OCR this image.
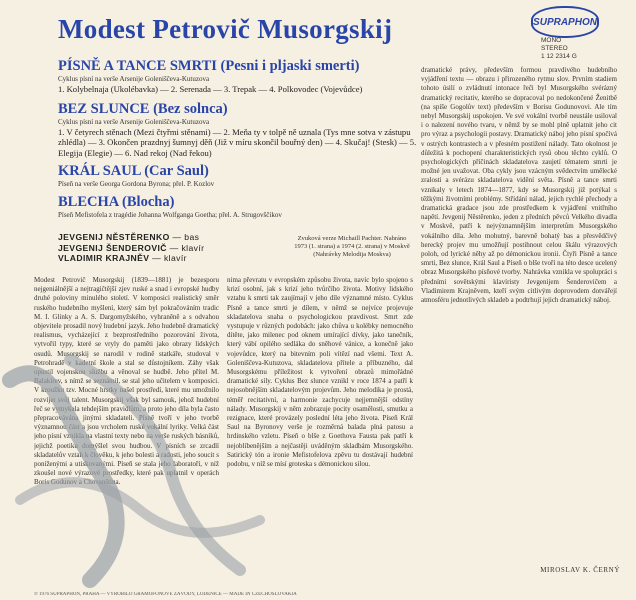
Modest Petrovič Musorgskij	SUPRAPHON
MONO
STEREO
1 12 2314 G
PÍSNĚ A TANCE SMRTI (Pesni i pljaski smerti)
Cyklus písní na verše Arsenije Goleniščeva-Kutuzova
1. Kolybelnaja (Ukolébavka) — 2. Serenada — 3. Trepak — 4. Polkovodec (Vojevůdce)
BEZ SLUNCE (Bez solnca)
Cyklus písní na verše Arsenije Goleniščeva-Kutuzova
1. V četyrech stěnach (Mezi čtyřmi stěnami) — 2. Meňa ty v tolpě ně uznala (Tys mne sotva v zástupu zhlédla) — 3. Okončen prazdnyj šumnyj děň (Již v míru skončil bouřný den) — 4. Skučaj! (Stesk) — 5. Elegija (Elegie) — 6. Nad rekoj (Nad řekou)
KRÁL SAUL (Car Saul)
Píseň na verše Georga Gordona Byrona; přel. P. Kozlov
BLECHA (Blocha)
Píseň Mefistofela z tragédie Johanna Wolfganga Goetha; přel. A. Strugovščikov
JEVGENIJ NĚSTĚRENKO — bas
JEVGENIJ ŠENDEROVIČ — klavír
VLADIMIR KRAJNĚV — klavír
Zvuková verze Michaill Pachter. Nahráno 1973 (1. strana) a 1974 (2. strana) v Moskvě (Nahrávky Melodija Moskva)
Modest Petrovič Musorgskij (1839—1881) je bezesporu nejgeniálnější a nejtragičtější zjev ruské a snad i evropské hudby druhé poloviny minulého století. V komposici realistický směr ruského hudebního myšlení, který sám byl pokračováním tradic M. I. Glinky a A. S. Dargomyžského, vyhraněně a s odvahou objevitele prosadil nový hudební jazyk. Jeho hudebně dramatický realismus, vycházející z bezprostředního pozorování života, vytvořil typy, které se vryly do paměti jako obrazy lidských osudů. Musorgskij se narodil v rodině statkáře, studoval v Petrohradě v kadetní škole a stal se důstojníkem. Záhy však opustil vojenskou službu a věnoval se hudbě. Jeho přítel M. Balakirev, s nímž se seznámil, se stal jeho učitelem v komposici. V kroužku tzv. Mocné hrstky našel prostředí, které mu umožnilo rozvíjet svůj talent. Musorgskij však byl samouk, jehož hudební řeč se vymykala tehdejším pravidlům, a proto jeho díla byla často přepracovávána jinými skladateli. Písně tvoří v jeho tvorbě významnou část a jsou vrcholem ruské vokální lyriky. Velká část jeho písní vznikla na vlastní texty nebo na verše ruských básníků, jejichž poetiku domýšlel svou hudbou. V písních se zrcadlí skladatelův vztah k člověku, k jeho bolesti a radosti, jeho soucit s poníženými a utiskovanými. Píseň se stala jeho laboratoří, v níž zkoušel nové výrazové prostředky, které pak uplatnil v operách Boris Godunov a Chovanština.
nima převratu v evropském způsobu života, navíc bylo spojeno s krizí osobní, jak s krizí jeho tvůrčího života. Motivy lidského vztahu k smrti tak zaujímají v jeho díle významné místo. Cyklus Písně a tance smrti je dílem, v němž se nejvíce projevuje skladatelova snaha o psychologickou pravdivost. Smrt zde vystupuje v různých podobách: jako chůva u kolébky nemocného dítěte, jako milenec pod oknem umírající dívky, jako tanečník, který vábí opilého sedláka do sněhové vánice, a konečně jako vojevůdce, který na bitevním poli vítězí nad všemi. Text A. Goleniščeva-Kutuzova, skladatelova přítele a příbuzného, dal Musorgskému příležitost k vytvoření obrazů mimořádné dramatické síly. Cyklus Bez slunce vznikl v roce 1874 a patří k nejosobnějším skladatelovým projevům. Jeho melodika je prostá, téměř recitativní, a harmonie zachycuje nejjemnější odstíny nálady. Musorgskij v něm zobrazuje pocity osamělosti, smutku a rezignace, které provázely poslední léta jeho života. Píseň Král Saul na Byronovy verše je rozměrná balada plná patosu a hrdinského vzletu. Píseň o blše z Goethova Fausta pak patří k nejoblíbenějším a nejčastěji uváděným skladbám Musorgského. Satirický tón a ironie Mefistofelova zpěvu tu dostávají hudební podobu, v níž se mísí groteska s démonickou silou.
dramatické právy, především formou pravdivého hudebního vyjádření textu — obrazu i přirozeného rytmu slov. Prvním stadiem tohoto úsilí o zvládnutí intonace řeči byl Musorgského svérázný dramatický recitativ, kterého se dopracoval po nedokončené Ženitbě (na spíše Gogolův text) především v Borisu Godunovovi. Ale tím nebyl Musorgskij uspokojen. Ve své vokální tvorbě neustále usiloval i o nalezení nového tvaru, v němž by se mohl plně uplatnit jeho cit pro výraz a psychologii postavy. Dramatický náboj jeho písní spočívá v ostrých kontrastech a v přesném postižení nálady. Tato okolnost je důležitá k pochopení charakteristických rysů obou těchto cyklů. O psychologických příčinách skladatelova zaujetí tématem smrti je možné jen uvažovat. Oba cykly jsou vzácným svědectvím umělecké zralosti a svérázu skladatelova vidění světa. Písně a tance smrti vznikaly v letech 1874—1877, kdy se Musorgskij již potýkal s těžkými životními problémy. Střídání nálad, jejich rychlé přechody a dramatická gradace jsou zde prostředkem k vyjádření vnitřního napětí. Jevgenij Něstěrenko, jeden z předních pěvců Velkého divadla v Moskvě, patří k nejvýznamnějším interpretům Musorgského vokálního díla. Jeho mohutný, barevně bohatý bas a přesvědčivý herecký projev mu umožňují postihnout celou škálu výrazových poloh, od lyrické něhy až po démonickou ironii. Čtyři Písně a tance smrti, Bez slunce, Král Saul a Píseň o blše tvoří na této desce ucelený obraz Musorgského písňové tvorby. Nahrávka vznikla ve spolupráci s předními sovětskými klavíristy Jevgenijem Šenderovičem a Vladimirem Krajněvem, kteří svým citlivým doprovodem dotvářejí atmosféru jednotlivých skladeb a podtrhují jejich dramatický náboj.
MIROSLAV K. ČERNÝ
℗ 1976 SUPRAPHON, PRAHA — VYROBILO GRAMOFONOVÉ ZÁVODY, LODĚNICE — MADE IN CZECHOSLOVAKIA
